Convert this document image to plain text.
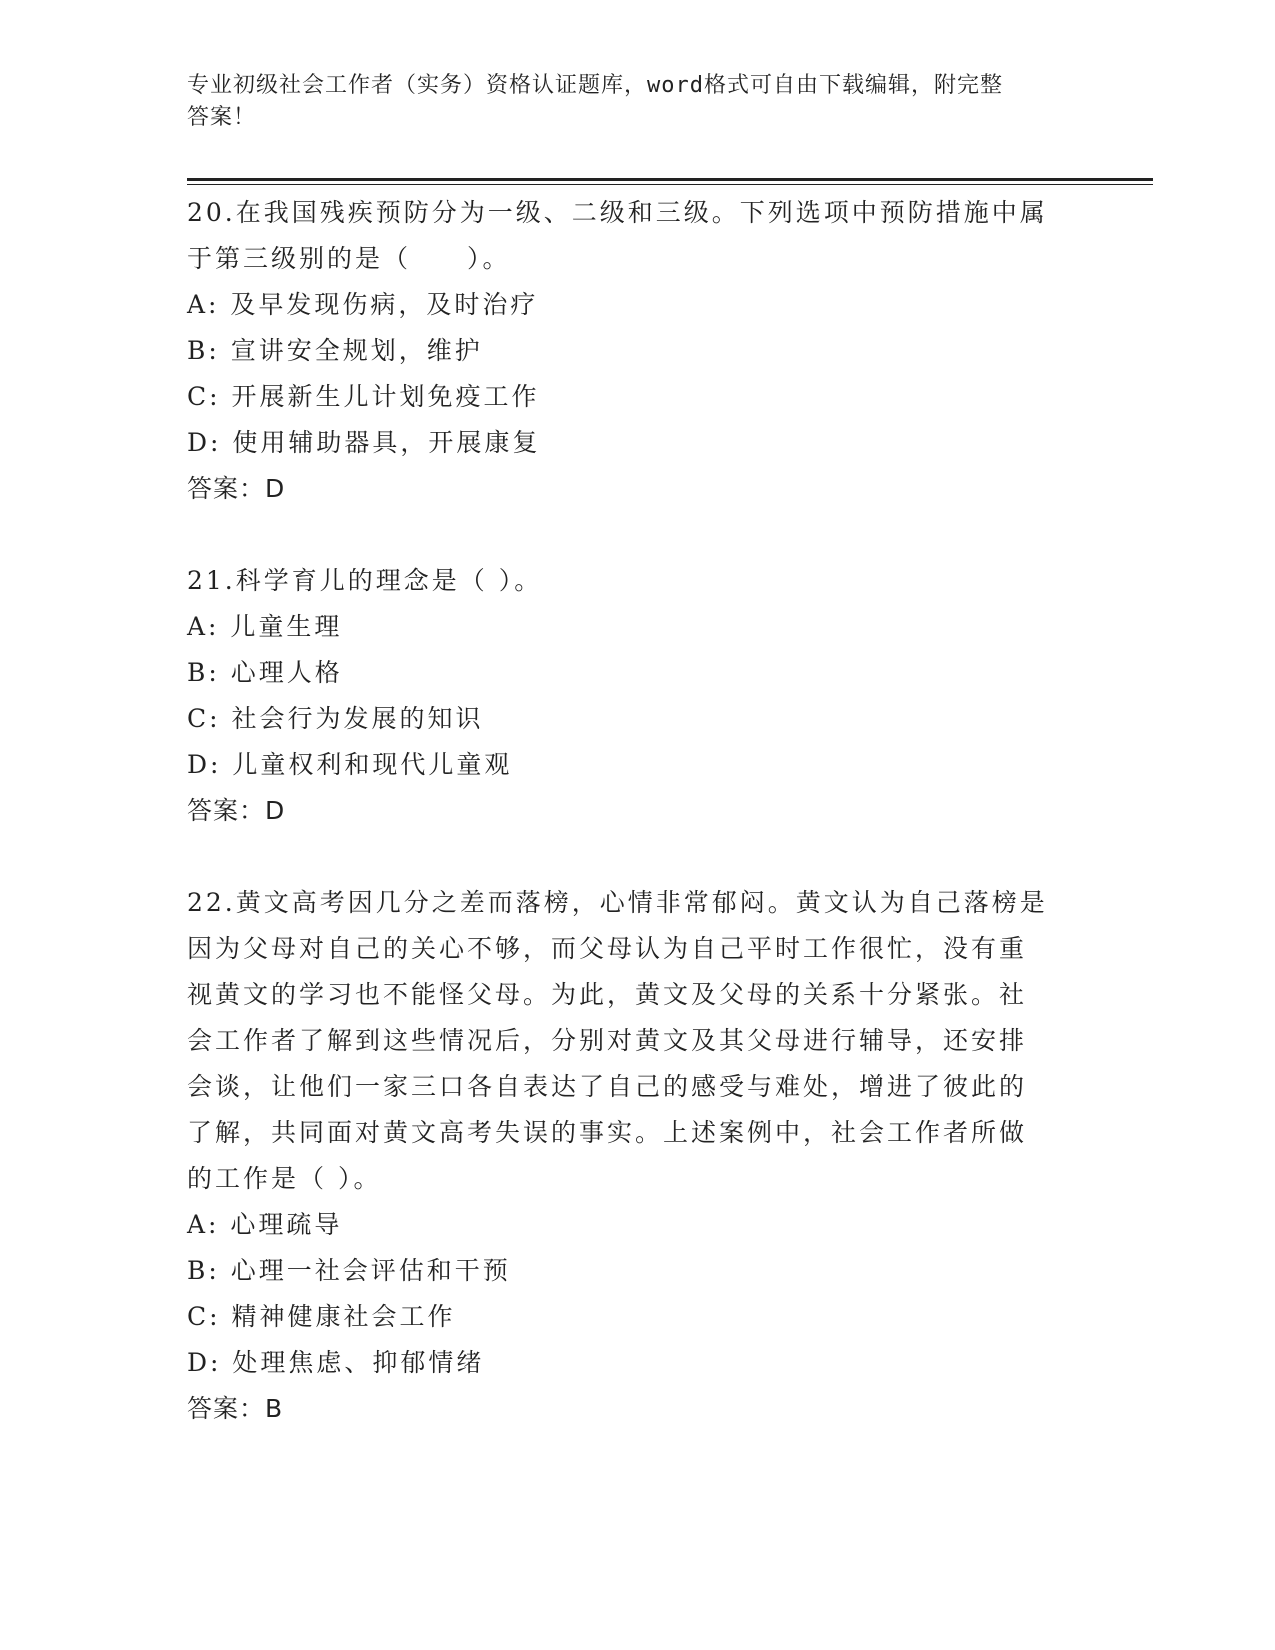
专业初级社会工作者（实务）资格认证题库，word格式可自由下载编辑，附完整
答案！
20.在我国残疾预防分为一级、二级和三级。下列选项中预防措施中属
于第三级别的是（　　）。
A: 及早发现伤病，及时治疗
B: 宣讲安全规划，维护
C: 开展新生儿计划免疫工作
D: 使用辅助器具，开展康复
答案：D
21.科学育儿的理念是（ ）。
A: 儿童生理
B: 心理人格
C: 社会行为发展的知识
D: 儿童权利和现代儿童观
答案：D
22.黄文高考因几分之差而落榜，心情非常郁闷。黄文认为自己落榜是
因为父母对自己的关心不够，而父母认为自己平时工作很忙，没有重
视黄文的学习也不能怪父母。为此，黄文及父母的关系十分紧张。社
会工作者了解到这些情况后，分别对黄文及其父母进行辅导，还安排
会谈，让他们一家三口各自表达了自己的感受与难处，增进了彼此的
了解，共同面对黄文高考失误的事实。上述案例中，社会工作者所做
的工作是（ ）。
A: 心理疏导
B: 心理一社会评估和干预
C: 精神健康社会工作
D: 处理焦虑、抑郁情绪
答案：B
